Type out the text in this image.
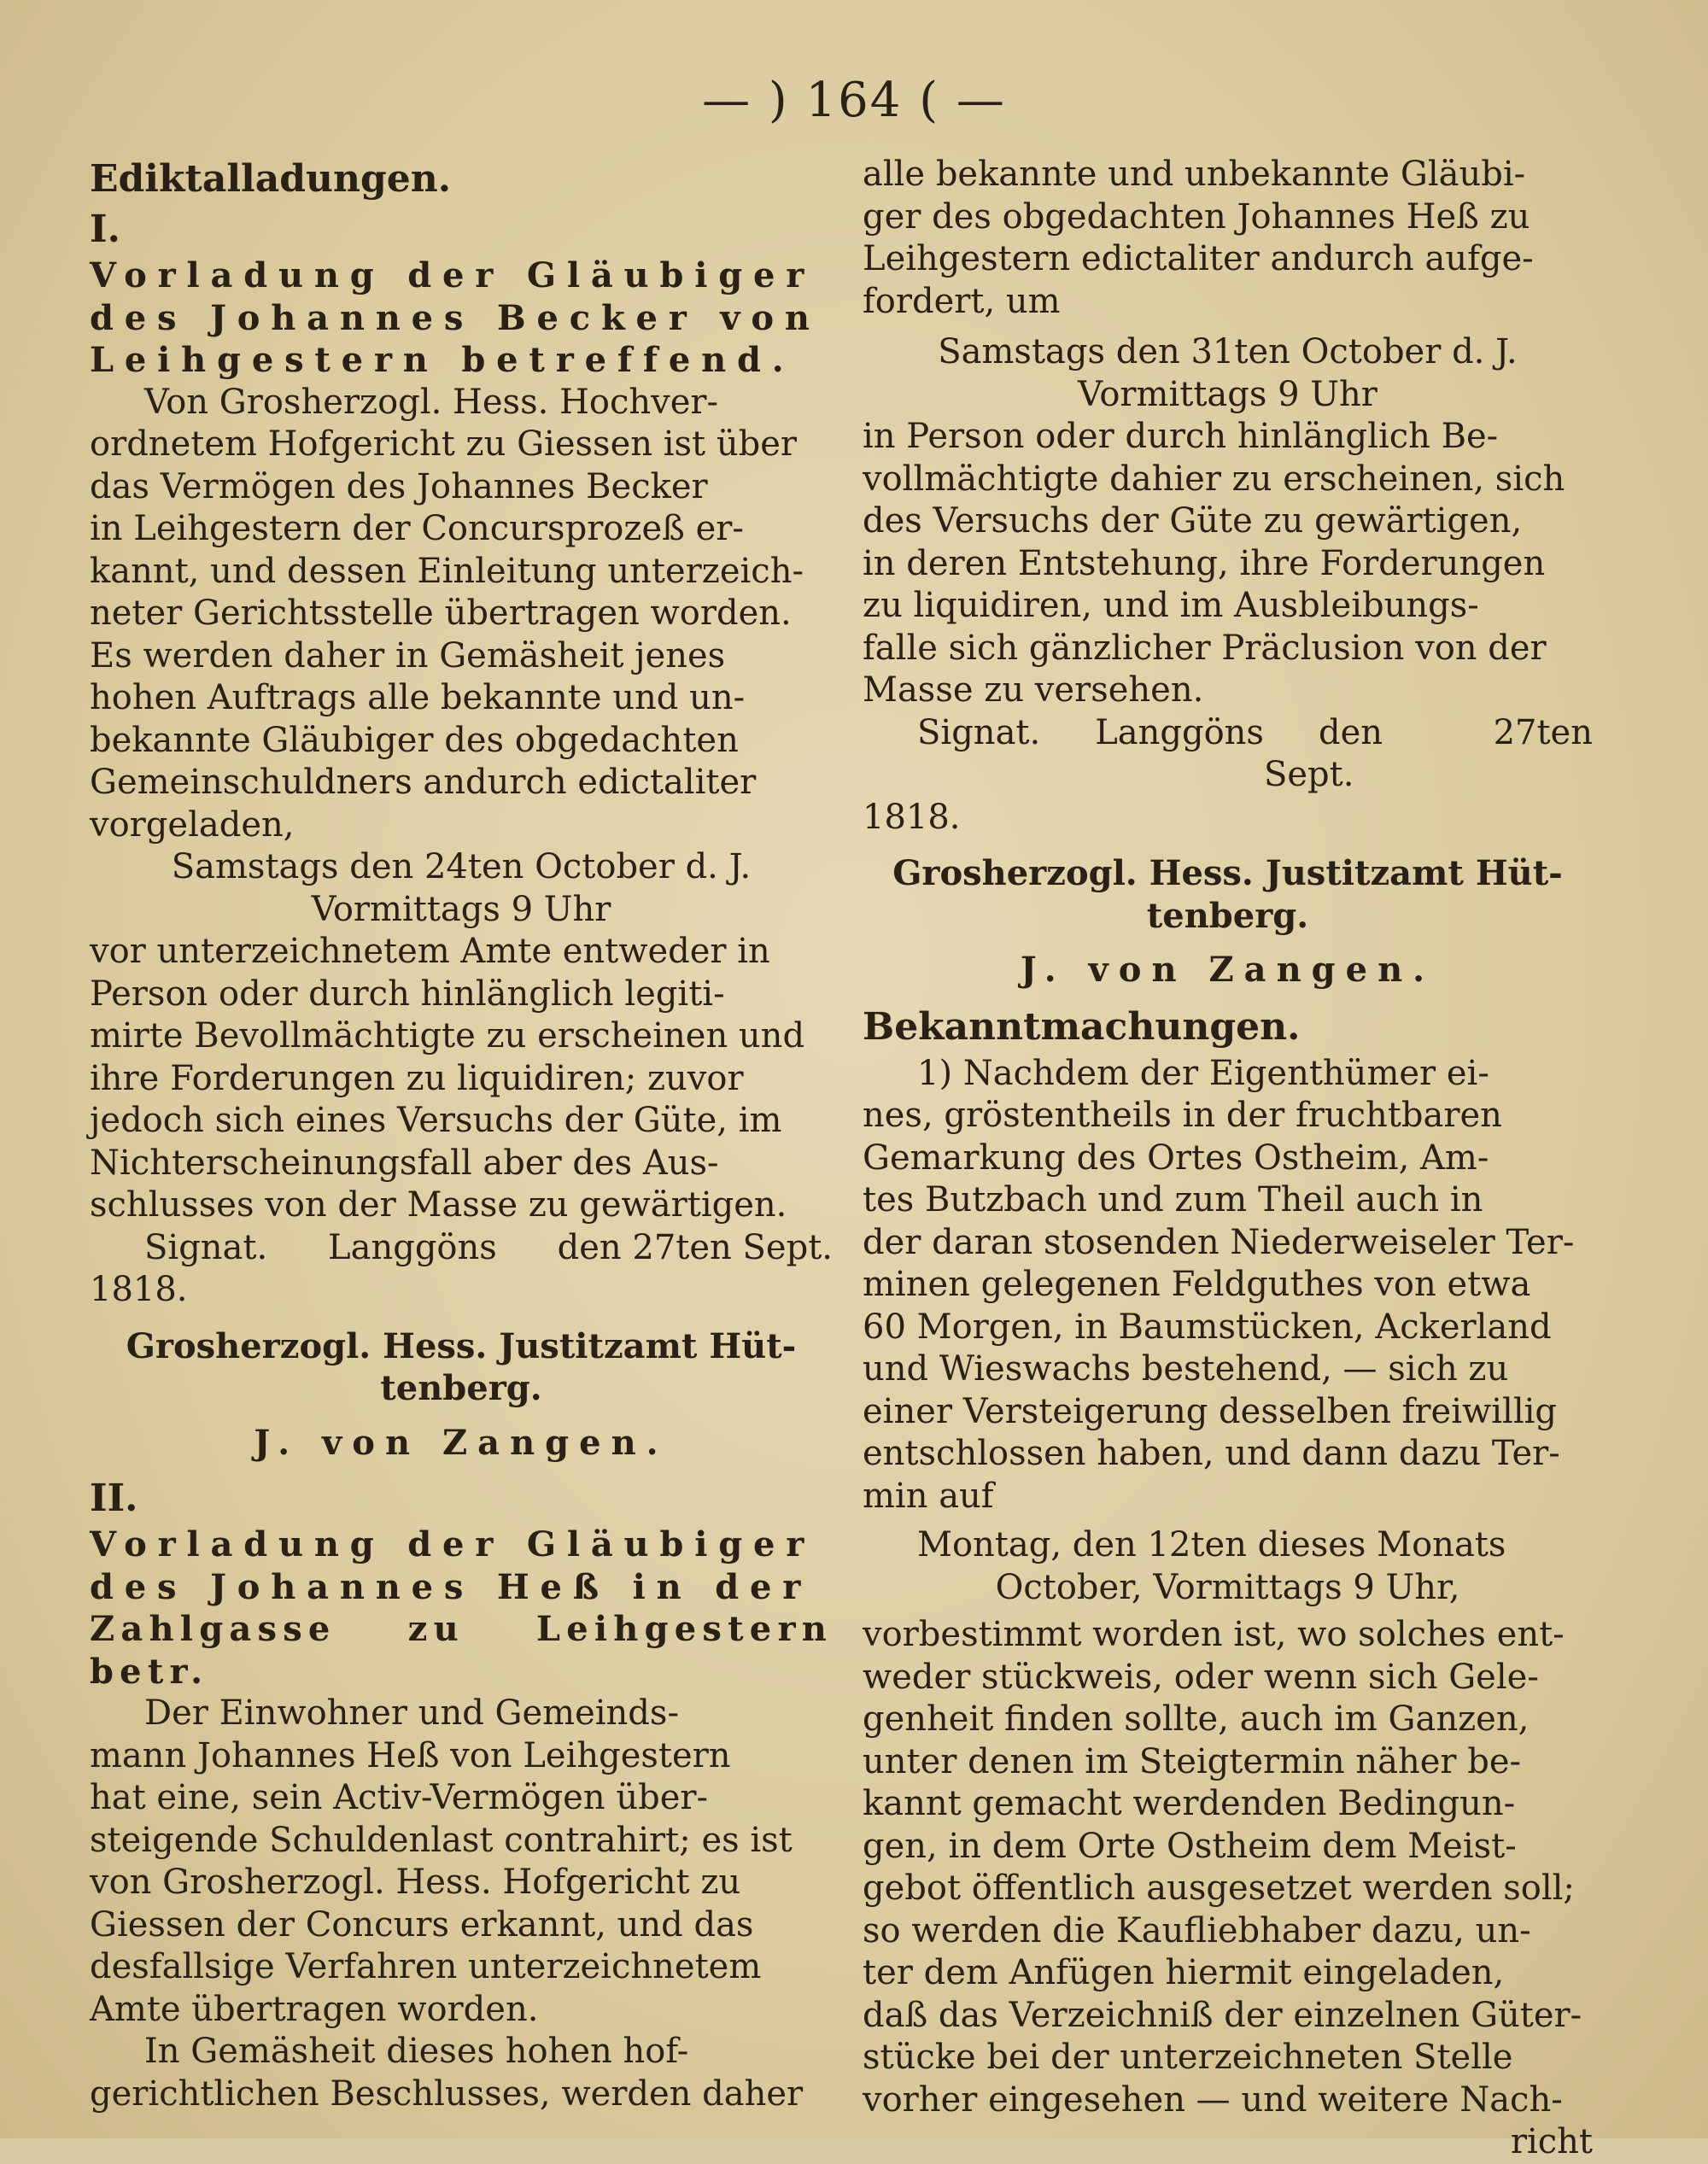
— ) 164 ( —

Ediktalladungen.

I.

Vorladung der Gläubiger

des Johannes Becker von

Leihgestern betreffend.

Von Grosherzogl. Hess. Hochver-

ordnetem Hofgericht zu Giessen ist über

das Vermögen des Johannes Becker

in Leihgestern der Concursprozeß er-

kannt, und dessen Einleitung unterzeich-

neter Gerichtsstelle übertragen worden.

Es werden daher in Gemäsheit jenes

hohen Auftrags alle bekannte und un-

bekannte Gläubiger des obgedachten

Gemeinschuldners andurch edictaliter

vorgeladen,

Samstags den 24ten October d. J.

Vormittags 9 Uhr

vor unterzeichnetem Amte entweder in

Person oder durch hinlänglich legiti-

mirte Bevollmächtigte zu erscheinen und

ihre Forderungen zu liquidiren; zuvor

jedoch sich eines Versuchs der Güte, im

Nichterscheinungsfall aber des Aus-

schlusses von der Masse zu gewärtigen.

Signat.	Langgöns	den 27ten Sept.

1818.

Grosherzogl. Hess. Justitzamt Hüt-

tenberg.

J. von Zangen.

II.

Vorladung der Gläubiger

des Johannes Heß in der

Zahlgasse zu Leihgestern betr.

Der Einwohner und Gemeinds-

mann Johannes Heß von Leihgestern

hat eine, sein Activ-Vermögen über-

steigende Schuldenlast contrahirt; es ist

von Grosherzogl. Hess. Hofgericht zu

Giessen der Concurs erkannt, und das

desfallsige Verfahren unterzeichnetem

Amte übertragen worden.

In Gemäsheit dieses hohen hof-

gerichtlichen Beschlusses, werden daher

alle bekannte und unbekannte Gläubi-

ger des obgedachten Johannes Heß zu

Leihgestern edictaliter andurch aufge-

fordert, um

Samstags den 31ten October d. J.

Vormittags 9 Uhr

in Person oder durch hinlänglich Be-

vollmächtigte dahier zu erscheinen, sich

des Versuchs der Güte zu gewärtigen,

in deren Entstehung, ihre Forderungen

zu liquidiren, und im Ausbleibungs-

falle sich gänzlicher Präclusion von der

Masse zu versehen.

Signat.	Langgöns	den 27ten Sept.

1818.

Grosherzogl. Hess. Justitzamt Hüt-

tenberg.

J. von Zangen.

Bekanntmachungen.

1) Nachdem der Eigenthümer ei-

nes, gröstentheils in der fruchtbaren

Gemarkung des Ortes Ostheim, Am-

tes Butzbach und zum Theil auch in

der daran stosenden Niederweiseler Ter-

minen gelegenen Feldguthes von etwa

60 Morgen, in Baumstücken, Ackerland

und Wieswachs bestehend, — sich zu

einer Versteigerung desselben freiwillig

entschlossen haben, und dann dazu Ter-

min auf

Montag, den 12ten dieses Monats

October, Vormittags 9 Uhr,

vorbestimmt worden ist, wo solches ent-

weder stückweis, oder wenn sich Gele-

genheit finden sollte, auch im Ganzen,

unter denen im Steigtermin näher be-

kannt gemacht werdenden Bedingun-

gen, in dem Orte Ostheim dem Meist-

gebot öffentlich ausgesetzet werden soll;

so werden die Kaufliebhaber dazu, un-

ter dem Anfügen hiermit eingeladen,

daß das Verzeichniß der einzelnen Güter-

stücke bei der unterzeichneten Stelle

vorher eingesehen — und weitere Nach-

richt
